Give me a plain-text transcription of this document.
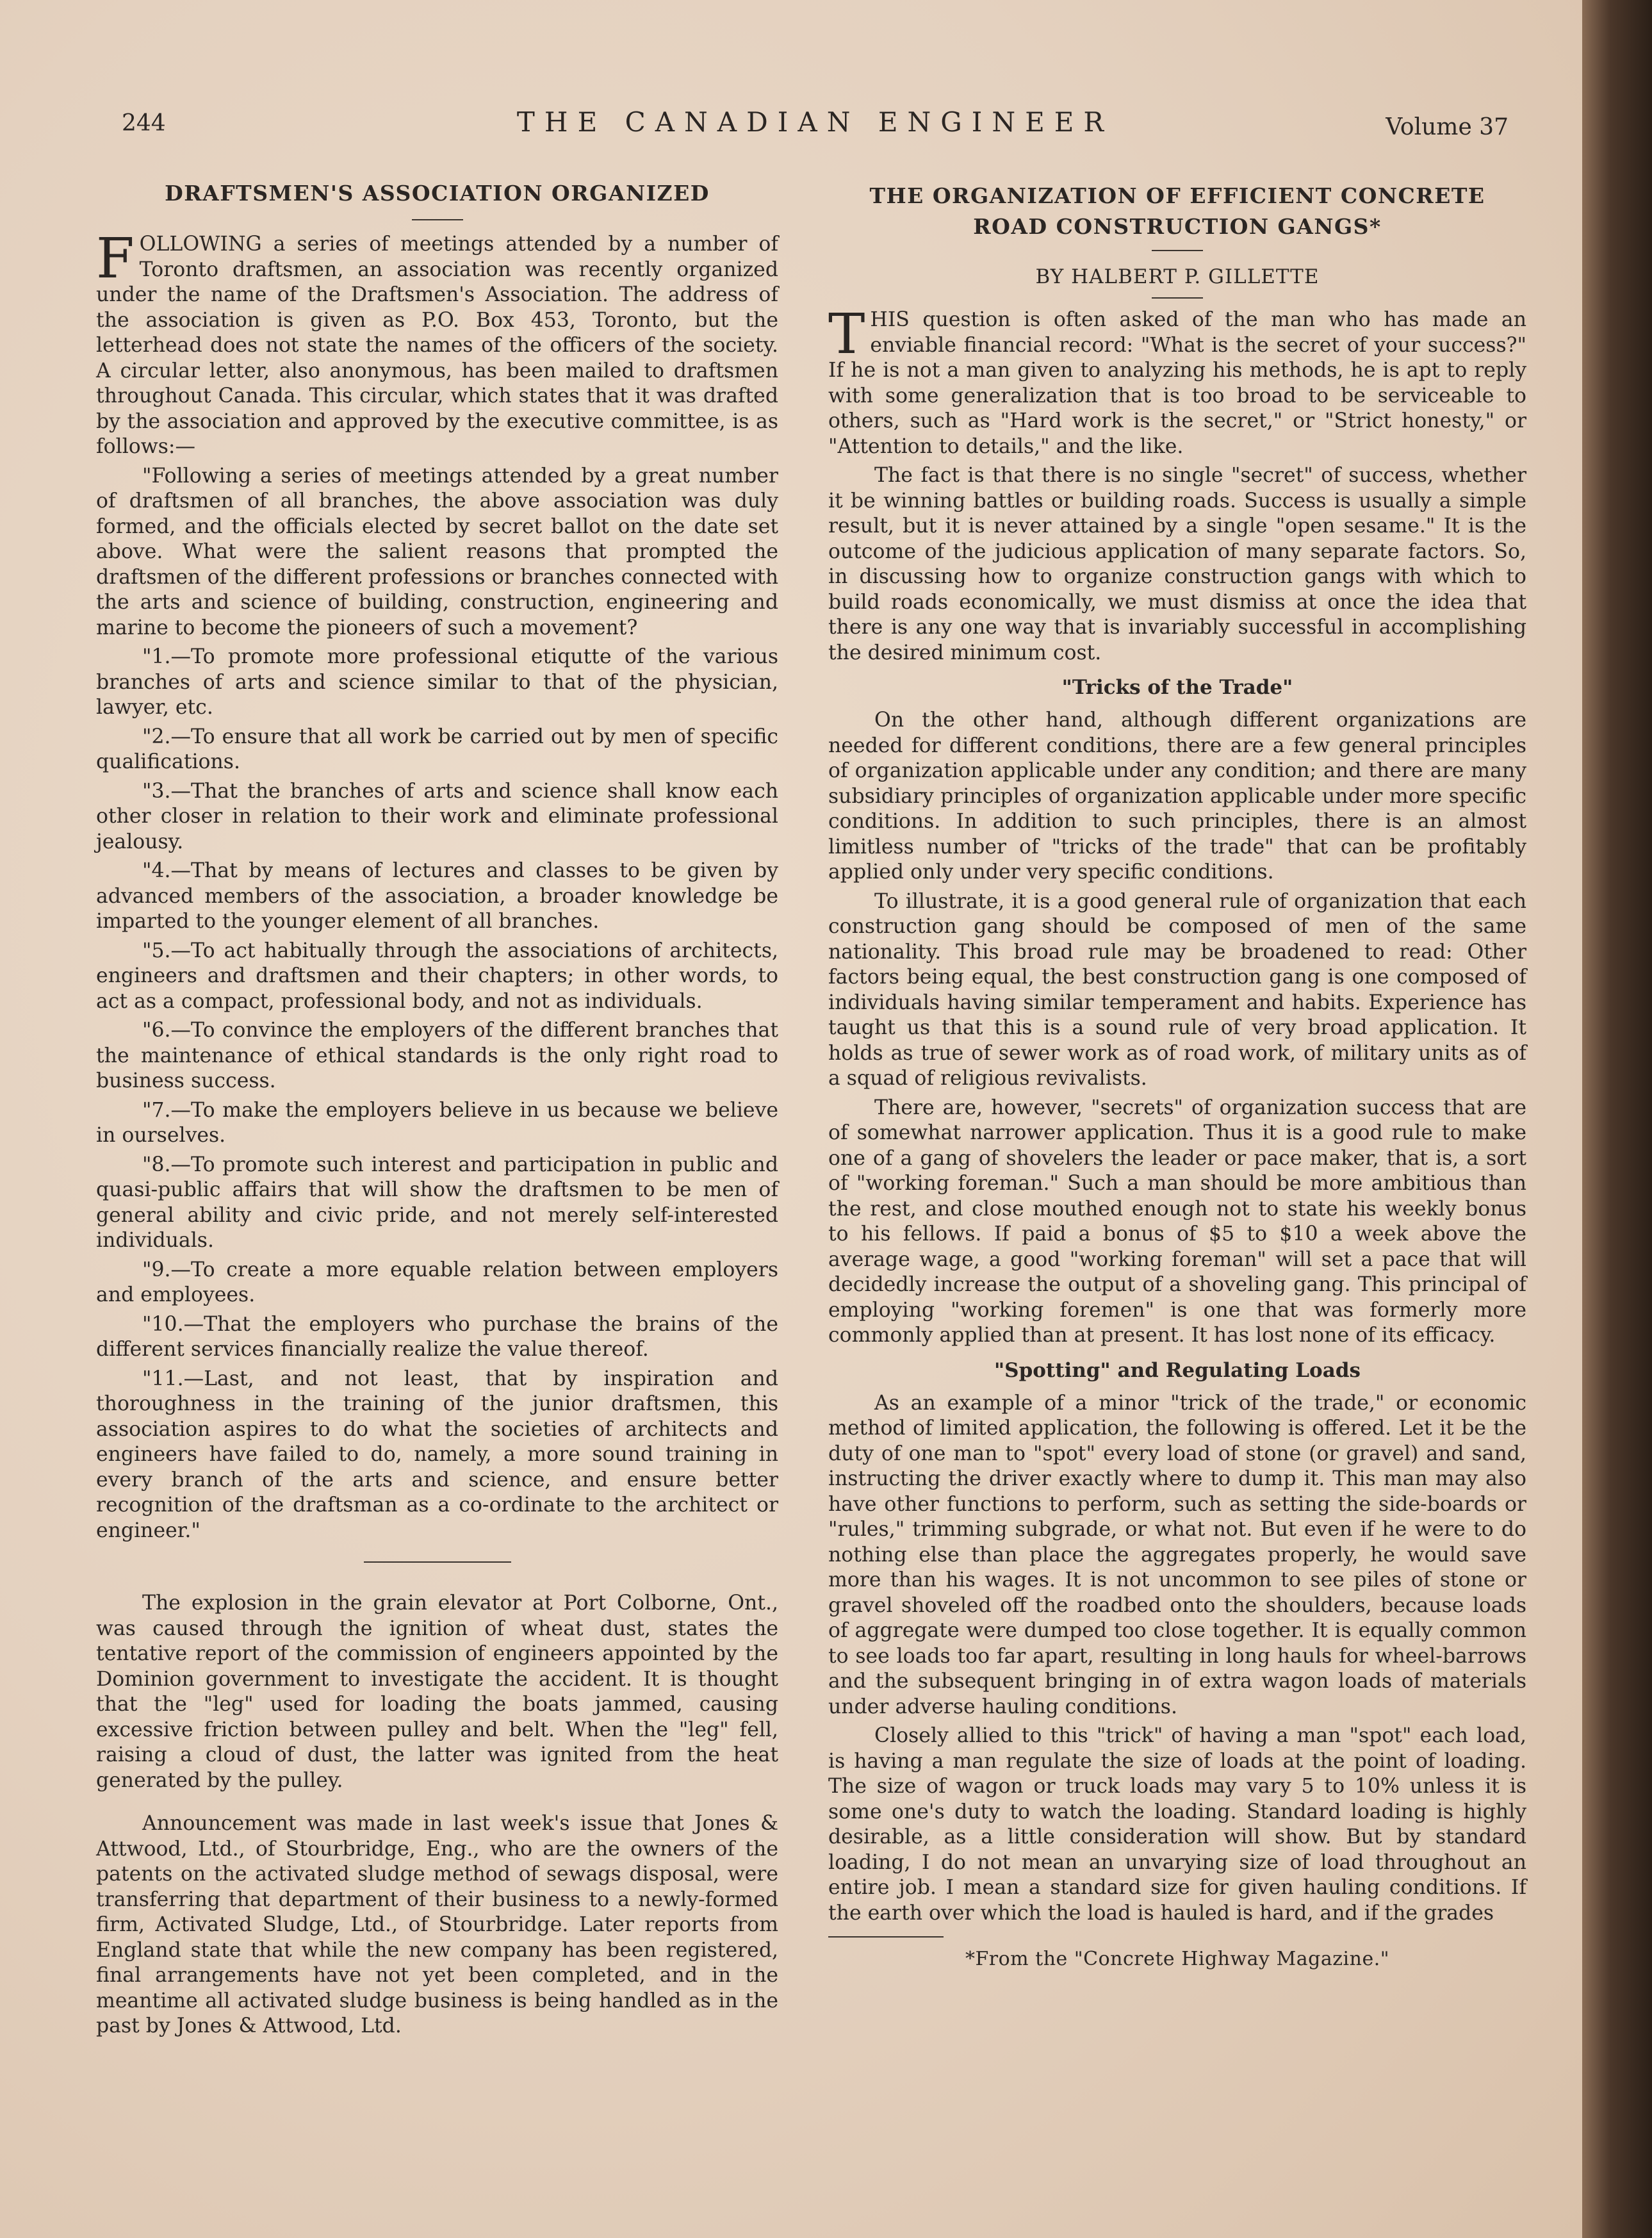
244	THE CANADIAN ENGINEER	Volume 37
DRAFTSMEN'S ASSOCIATION ORGANIZED

FOLLOWING a series of meetings attended by a number of Toronto draftsmen, an association was recently organized under the name of the Draftsmen's Association. The address of the association is given as P.O. Box 453, Toronto, but the letterhead does not state the names of the officers of the society. A circular letter, also anonymous, has been mailed to draftsmen throughout Canada. This circular, which states that it was drafted by the association and approved by the executive committee, is as follows:—

"Following a series of meetings attended by a great number of draftsmen of all branches, the above association was duly formed, and the officials elected by secret ballot on the date set above. What were the salient reasons that prompted the draftsmen of the different professions or branches connected with the arts and science of building, construction, engineering and marine to become the pioneers of such a movement?

"1.—To promote more professional etiqutte of the various branches of arts and science similar to that of the physician, lawyer, etc.

"2.—To ensure that all work be carried out by men of specific qualifications.

"3.—That the branches of arts and science shall know each other closer in relation to their work and eliminate professional jealousy.

"4.—That by means of lectures and classes to be given by advanced members of the association, a broader knowledge be imparted to the younger element of all branches.

"5.—To act habitually through the associations of architects, engineers and draftsmen and their chapters; in other words, to act as a compact, professional body, and not as individuals.

"6.—To convince the employers of the different branches that the maintenance of ethical standards is the only right road to business success.

"7.—To make the employers believe in us because we believe in ourselves.

"8.—To promote such interest and participation in public and quasi-public affairs that will show the draftsmen to be men of general ability and civic pride, and not merely self-interested individuals.

"9.—To create a more equable relation between employers and employees.

"10.—That the employers who purchase the brains of the different services financially realize the value thereof.

"11.—Last, and not least, that by inspiration and thoroughness in the training of the junior draftsmen, this association aspires to do what the societies of architects and engineers have failed to do, namely, a more sound training in every branch of the arts and science, and ensure better recognition of the draftsman as a co-ordinate to the architect or engineer."

The explosion in the grain elevator at Port Colborne, Ont., was caused through the ignition of wheat dust, states the tentative report of the commission of engineers appointed by the Dominion government to investigate the accident. It is thought that the "leg" used for loading the boats jammed, causing excessive friction between pulley and belt. When the "leg" fell, raising a cloud of dust, the latter was ignited from the heat generated by the pulley.

Announcement was made in last week's issue that Jones & Attwood, Ltd., of Stourbridge, Eng., who are the owners of the patents on the activated sludge method of sewags disposal, were transferring that department of their business to a newly-formed firm, Activated Sludge, Ltd., of Stourbridge. Later reports from England state that while the new company has been registered, final arrangements have not yet been completed, and in the meantime all activated sludge business is being handled as in the past by Jones & Attwood, Ltd.

THE ORGANIZATION OF EFFICIENT CONCRETE
ROAD CONSTRUCTION GANGS*
BY HALBERT P. GILLETTE

THIS question is often asked of the man who has made an enviable financial record: "What is the secret of your success?" If he is not a man given to analyzing his methods, he is apt to reply with some generalization that is too broad to be serviceable to others, such as "Hard work is the secret," or "Strict honesty," or "Attention to details," and the like.

The fact is that there is no single "secret" of success, whether it be winning battles or building roads. Success is usually a simple result, but it is never attained by a single "open sesame." It is the outcome of the judicious application of many separate factors. So, in discussing how to organize construction gangs with which to build roads economically, we must dismiss at once the idea that there is any one way that is invariably successful in accomplishing the desired minimum cost.

"Tricks of the Trade"

On the other hand, although different organizations are needed for different conditions, there are a few general principles of organization applicable under any condition; and there are many subsidiary principles of organization applicable under more specific conditions. In addition to such principles, there is an almost limitless number of "tricks of the trade" that can be profitably applied only under very specific conditions.

To illustrate, it is a good general rule of organization that each construction gang should be composed of men of the same nationality. This broad rule may be broadened to read: Other factors being equal, the best construction gang is one composed of individuals having similar temperament and habits. Experience has taught us that this is a sound rule of very broad application. It holds as true of sewer work as of road work, of military units as of a squad of religious revivalists.

There are, however, "secrets" of organization success that are of somewhat narrower application. Thus it is a good rule to make one of a gang of shovelers the leader or pace maker, that is, a sort of "working foreman." Such a man should be more ambitious than the rest, and close mouthed enough not to state his weekly bonus to his fellows. If paid a bonus of $5 to $10 a week above the average wage, a good "working foreman" will set a pace that will decidedly increase the output of a shoveling gang. This principal of employing "working foremen" is one that was formerly more commonly applied than at present. It has lost none of its efficacy.

"Spotting" and Regulating Loads

As an example of a minor "trick of the trade," or economic method of limited application, the following is offered. Let it be the duty of one man to "spot" every load of stone (or gravel) and sand, instructing the driver exactly where to dump it. This man may also have other functions to perform, such as setting the side-boards or "rules," trimming subgrade, or what not. But even if he were to do nothing else than place the aggregates properly, he would save more than his wages. It is not uncommon to see piles of stone or gravel shoveled off the roadbed onto the shoulders, because loads of aggregate were dumped too close together. It is equally common to see loads too far apart, resulting in long hauls for wheel-barrows and the subsequent bringing in of extra wagon loads of materials under adverse hauling conditions.

Closely allied to this "trick" of having a man "spot" each load, is having a man regulate the size of loads at the point of loading. The size of wagon or truck loads may vary 5 to 10% unless it is some one's duty to watch the loading. Standard loading is highly desirable, as a little consideration will show. But by standard loading, I do not mean an unvarying size of load throughout an entire job. I mean a standard size for given hauling conditions. If the earth over which the load is hauled is hard, and if the grades

*From the "Concrete Highway Magazine."
